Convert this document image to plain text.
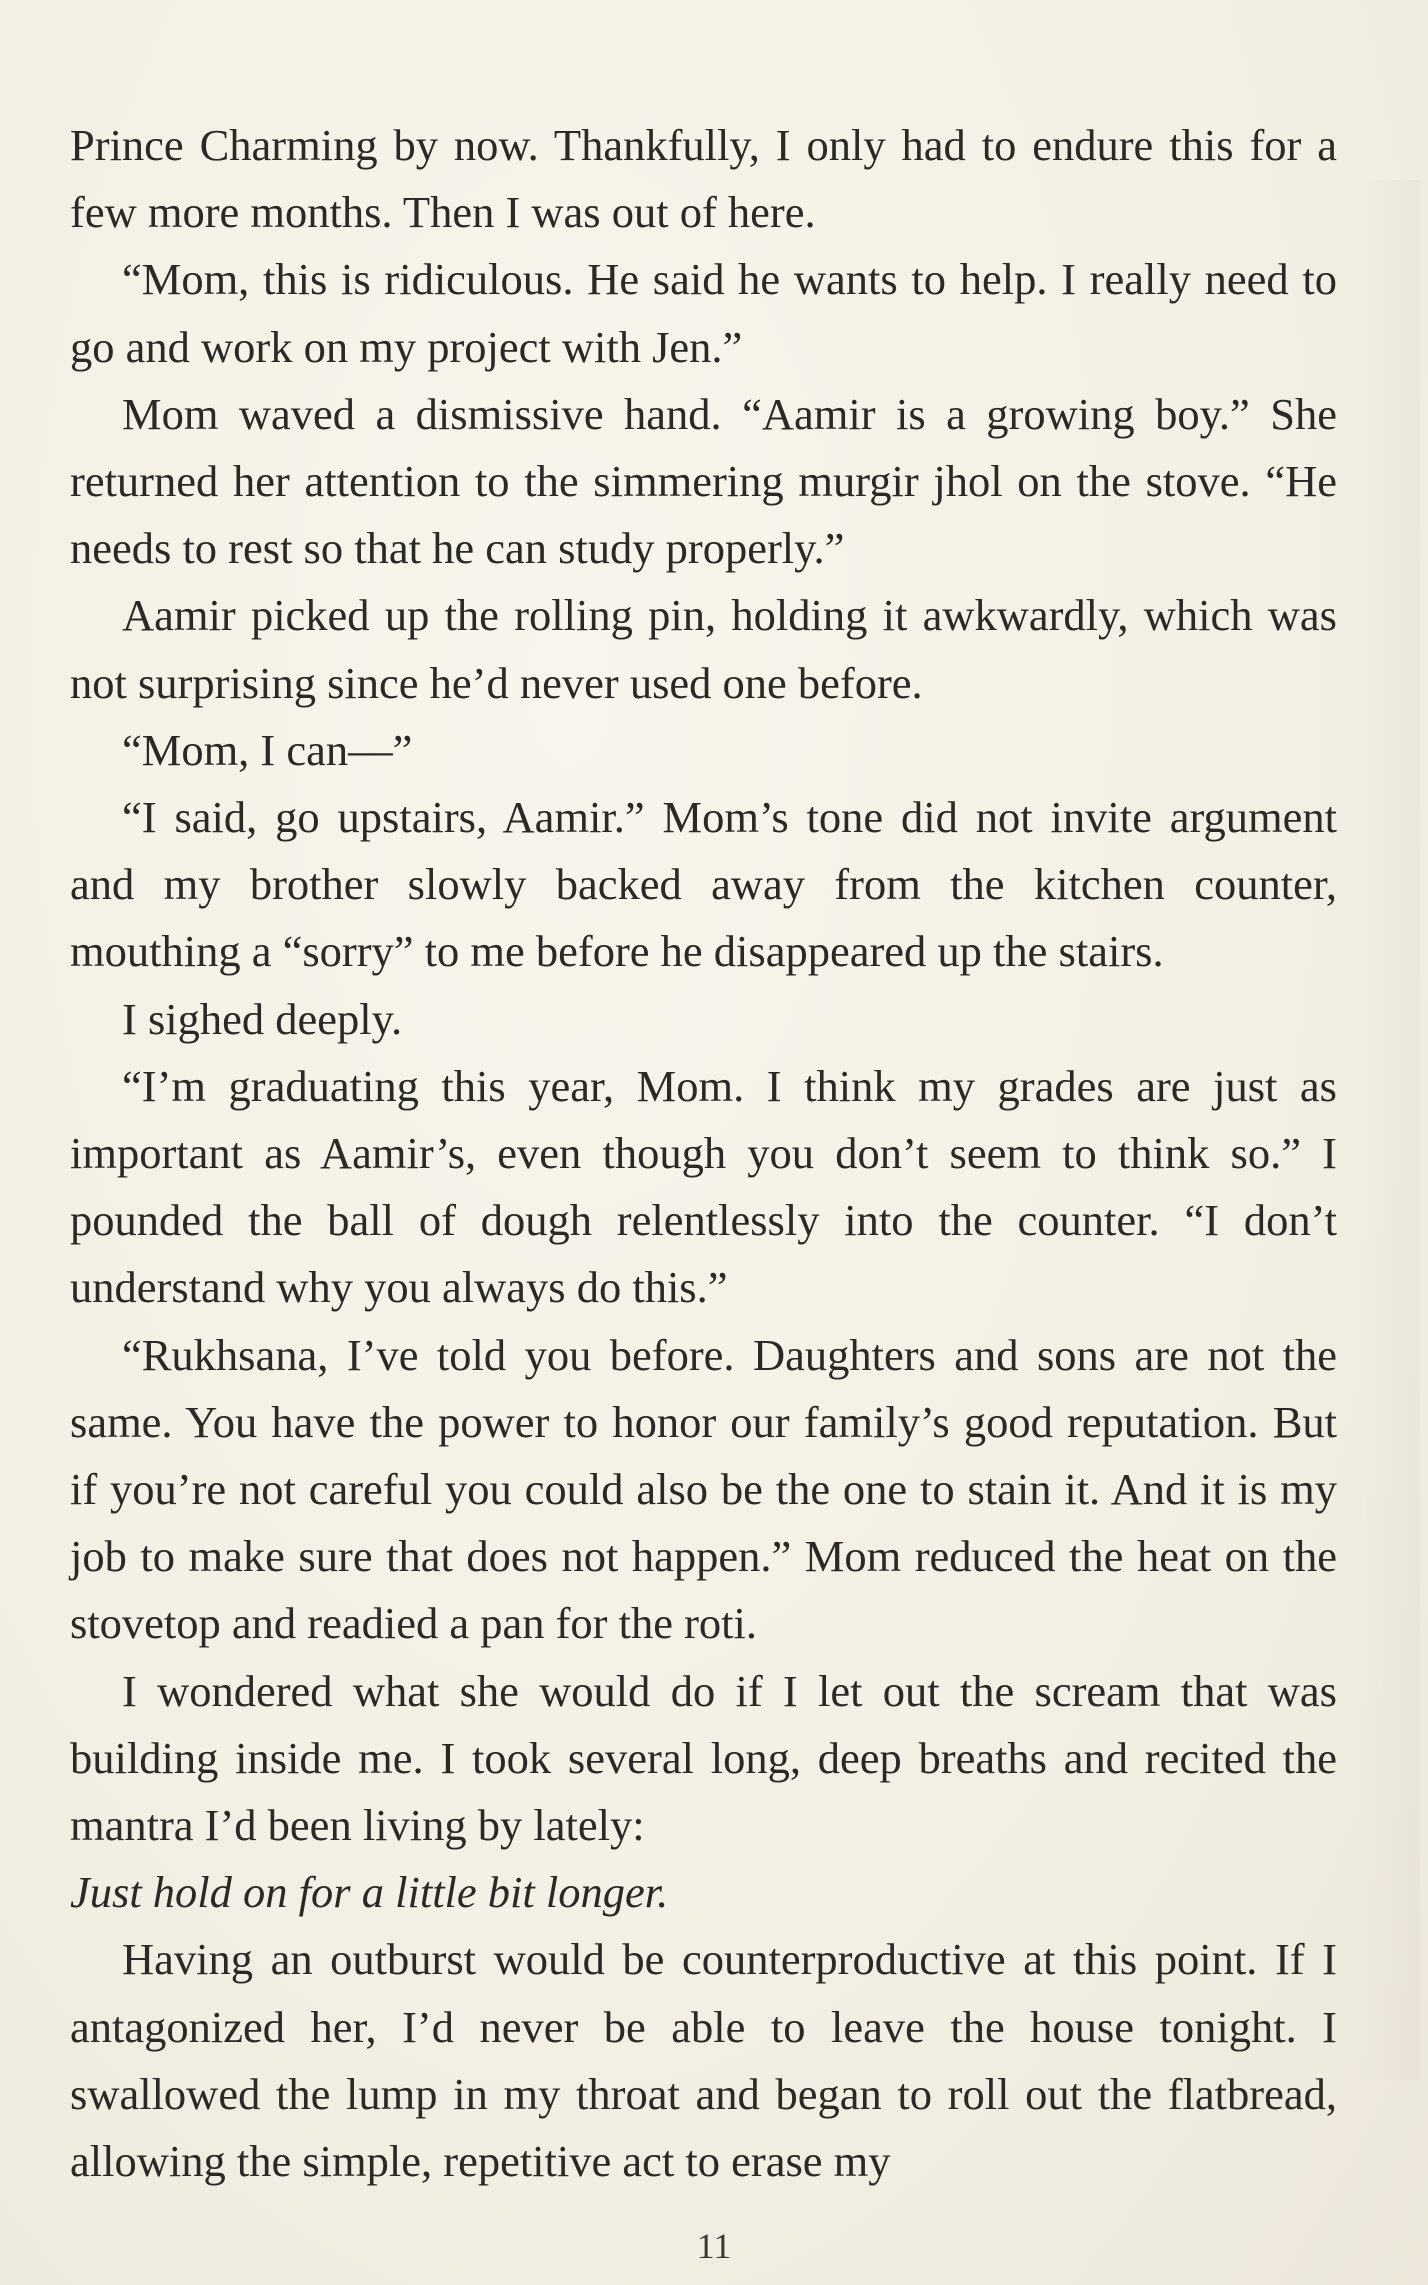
Prince Charming by now. Thankfully, I only had to endure this for a few more months. Then I was out of here.

“Mom, this is ridiculous. He said he wants to help. I really need to go and work on my project with Jen.”

Mom waved a dismissive hand. “Aamir is a growing boy.” She returned her attention to the simmering murgir jhol on the stove. “He needs to rest so that he can study properly.”

Aamir picked up the rolling pin, holding it awkwardly, which was not surprising since he’d never used one before.

“Mom, I can—”

“I said, go upstairs, Aamir.” Mom’s tone did not invite argument and my brother slowly backed away from the kitchen counter, mouthing a “sorry” to me before he disappeared up the stairs.

I sighed deeply.

“I’m graduating this year, Mom. I think my grades are just as important as Aamir’s, even though you don’t seem to think so.” I pounded the ball of dough relentlessly into the counter. “I don’t understand why you always do this.”

“Rukhsana, I’ve told you before. Daughters and sons are not the same. You have the power to honor our family’s good reputation. But if you’re not careful you could also be the one to stain it. And it is my job to make sure that does not happen.” Mom reduced the heat on the stovetop and readied a pan for the roti.

I wondered what she would do if I let out the scream that was building inside me. I took several long, deep breaths and recited the mantra I’d been living by lately:

Just hold on for a little bit longer.

Having an outburst would be counterproductive at this point. If I antagonized her, I’d never be able to leave the house tonight. I swallowed the lump in my throat and began to roll out the flatbread, allowing the simple, repetitive act to erase my

11
